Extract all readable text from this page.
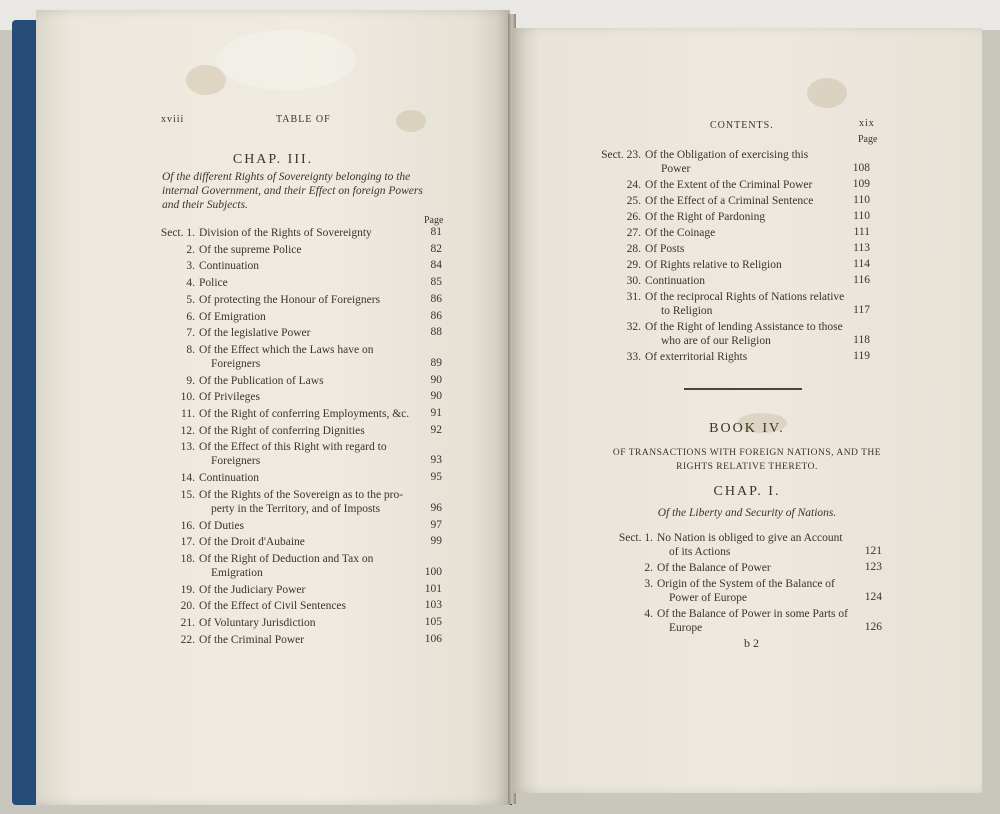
xviii	TABLE OF
CHAP. III.
Of the different Rights of Sovereignty belonging to the
internal Government, and their Effect on foreign Powers
and their Subjects.
Page
Sect. 1. Division of the Rights of Sovereignty	81
2. Of the supreme Police	82
3. Continuation	84
4. Police	85
5. Of protecting the Honour of Foreigners	86
6. Of Emigration	86
7. Of the legislative Power	88
8. Of the Effect which the Laws have on
Foreigners	89
9. Of the Publication of Laws	90
10. Of Privileges	90
11. Of the Right of conferring Employments, &c.	91
12. Of the Right of conferring Dignities	92
13. Of the Effect of this Right with regard to
Foreigners	93
14. Continuation	95
15. Of the Rights of the Sovereign as to the pro-
perty in the Territory, and of Imposts	96
16. Of Duties	97
17. Of the Droit d'Aubaine	99
18. Of the Right of Deduction and Tax on
Emigration	100
19. Of the Judiciary Power	101
20. Of the Effect of Civil Sentences	103
21. Of Voluntary Jurisdiction	105
22. Of the Criminal Power	106
CONTENTS.	xix
Page
Sect. 23. Of the Obligation of exercising this
Power	108
24. Of the Extent of the Criminal Power	109
25. Of the Effect of a Criminal Sentence	110
26. Of the Right of Pardoning	110
27. Of the Coinage	111
28. Of Posts	113
29. Of Rights relative to Religion	114
30. Continuation	116
31. Of the reciprocal Rights of Nations relative
to Religion	117
32. Of the Right of lending Assistance to those
who are of our Religion	118
33. Of exterritorial Rights	119
BOOK IV.
OF TRANSACTIONS WITH FOREIGN NATIONS, AND THE
RIGHTS RELATIVE THERETO.
CHAP. I.
Of the Liberty and Security of Nations.
Sect. 1. No Nation is obliged to give an Account
of its Actions	121
2. Of the Balance of Power	123
3. Origin of the System of the Balance of
Power of Europe	124
4. Of the Balance of Power in some Parts of
Europe	126
b 2
